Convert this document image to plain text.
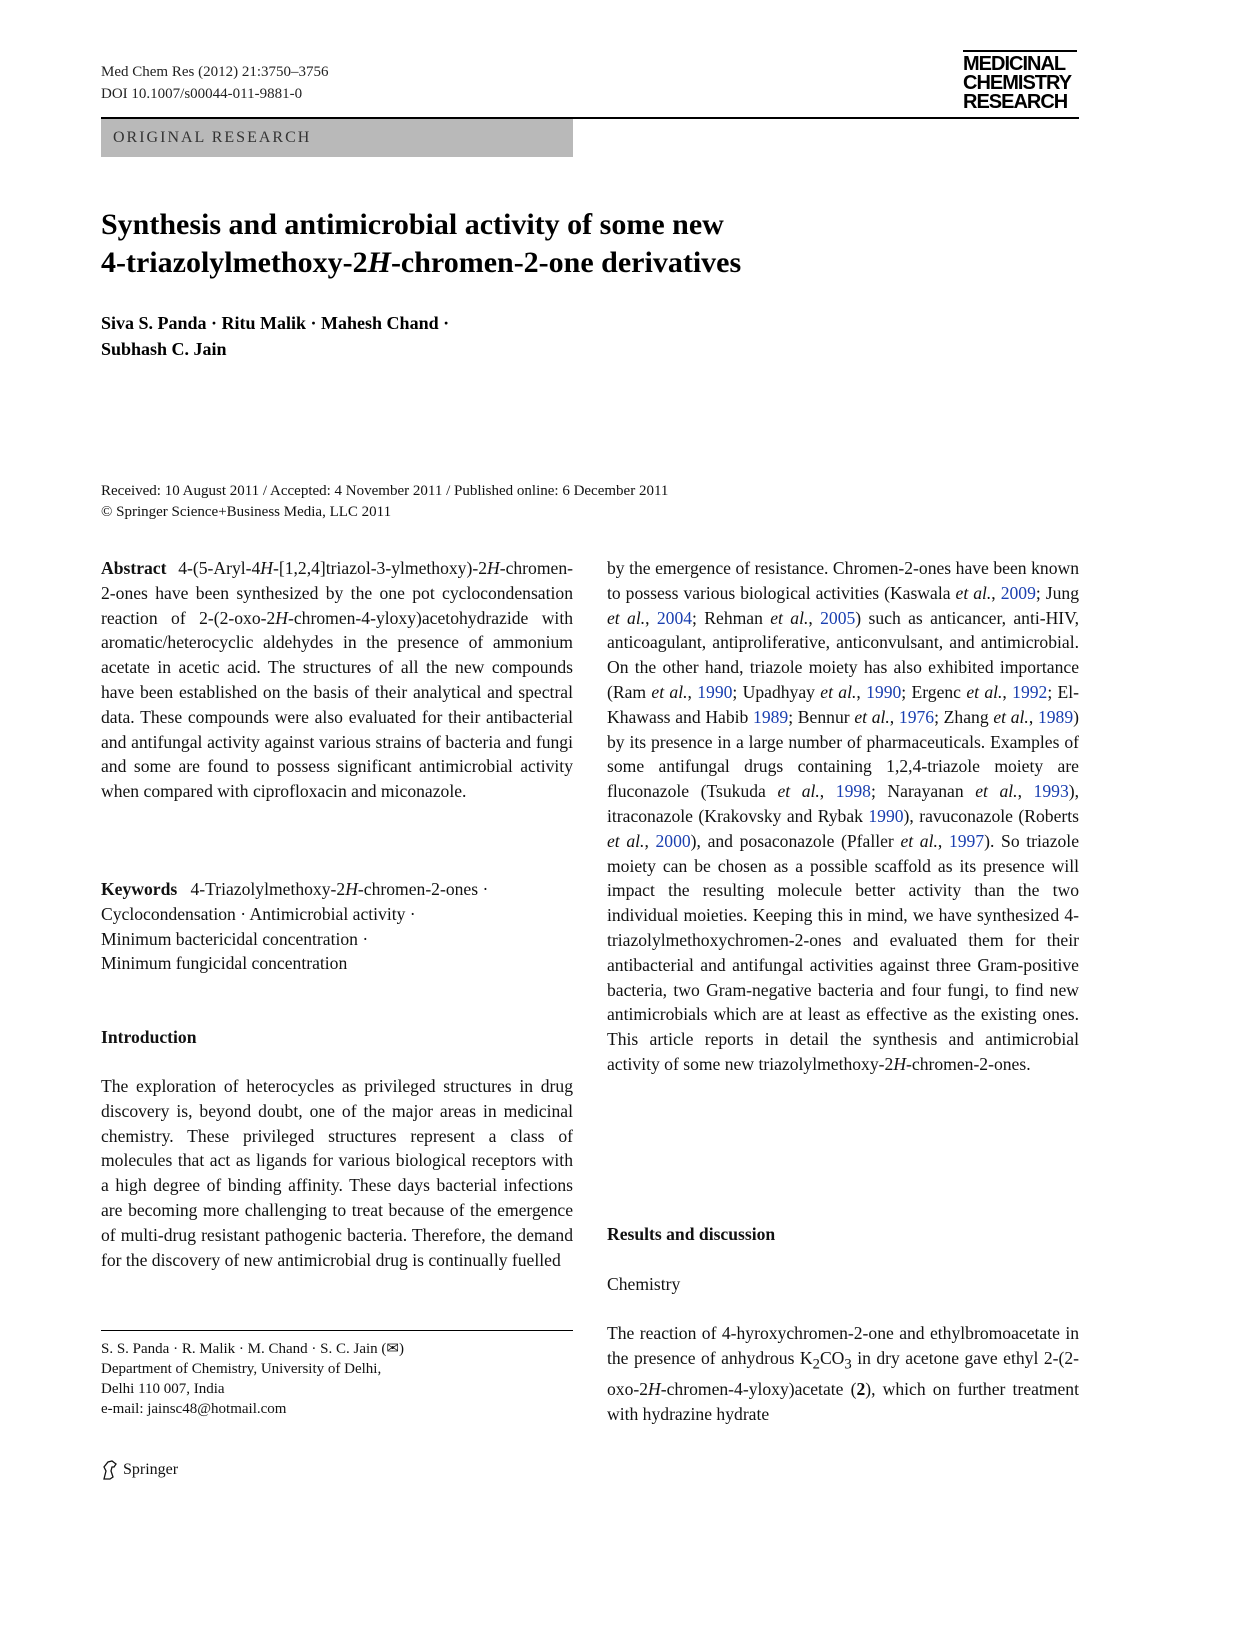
Med Chem Res (2012) 21:3750–3756
DOI 10.1007/s00044-011-9881-0
MEDICINAL
CHEMISTRY
RESEARCH
ORIGINAL RESEARCH
Synthesis and antimicrobial activity of some new
4-triazolylmethoxy-2H-chromen-2-one derivatives
Siva S. Panda · Ritu Malik · Mahesh Chand ·
Subhash C. Jain
Received: 10 August 2011 / Accepted: 4 November 2011 / Published online: 6 December 2011
© Springer Science+Business Media, LLC 2011

Abstract 4-(5-Aryl-4H-[1,2,4]triazol-3-ylmethoxy)-2H-chromen-2-ones have been synthesized by the one pot cyclocondensation reaction of 2-(2-oxo-2H-chromen-4-yloxy)acetohydrazide with aromatic/heterocyclic aldehydes in the presence of ammonium acetate in acetic acid. The structures of all the new compounds have been established on the basis of their analytical and spectral data. These compounds were also evaluated for their antibacterial and antifungal activity against various strains of bacteria and fungi and some are found to possess significant antimicrobial activity when compared with ciprofloxacin and miconazole.

Keywords 4-Triazolylmethoxy-2H-chromen-2-ones ·
Cyclocondensation · Antimicrobial activity ·
Minimum bactericidal concentration ·
Minimum fungicidal concentration
Introduction

The exploration of heterocycles as privileged structures in drug discovery is, beyond doubt, one of the major areas in medicinal chemistry. These privileged structures represent a class of molecules that act as ligands for various biological receptors with a high degree of binding affinity. These days bacterial infections are becoming more challenging to treat because of the emergence of multi-drug resistant pathogenic bacteria. Therefore, the demand for the discovery of new antimicrobial drug is continually fuelled

S. S. Panda · R. Malik · M. Chand · S. C. Jain (✉)
Department of Chemistry, University of Delhi,
Delhi 110 007, India
e-mail: jainsc48@hotmail.com
Springer

by the emergence of resistance. Chromen-2-ones have been known to possess various biological activities (Kaswala et al., 2009; Jung et al., 2004; Rehman et al., 2005) such as anticancer, anti-HIV, anticoagulant, antiproliferative, anticonvulsant, and antimicrobial. On the other hand, triazole moiety has also exhibited importance (Ram et al., 1990; Upadhyay et al., 1990; Ergenc et al., 1992; El-Khawass and Habib 1989; Bennur et al., 1976; Zhang et al., 1989) by its presence in a large number of pharmaceuticals. Examples of some antifungal drugs containing 1,2,4-triazole moiety are fluconazole (Tsukuda et al., 1998; Narayanan et al., 1993), itraconazole (Krakovsky and Rybak 1990), ravuconazole (Roberts et al., 2000), and posaconazole (Pfaller et al., 1997). So triazole moiety can be chosen as a possible scaffold as its presence will impact the resulting molecule better activity than the two individual moieties. Keeping this in mind, we have synthesized 4-triazolylmethoxychromen-2-ones and evaluated them for their antibacterial and antifungal activities against three Gram-positive bacteria, two Gram-negative bacteria and four fungi, to find new antimicrobials which are at least as effective as the existing ones. This article reports in detail the synthesis and antimicrobial activity of some new triazolylmethoxy-2H-chromen-2-ones.

Results and discussion
Chemistry

The reaction of 4-hyroxychromen-2-one and ethylbromoacetate in the presence of anhydrous $K_2CO_3$ in dry acetone gave ethyl 2-(2-oxo-2H-chromen-4-yloxy)acetate (2), which on further treatment with hydrazine hydrate
